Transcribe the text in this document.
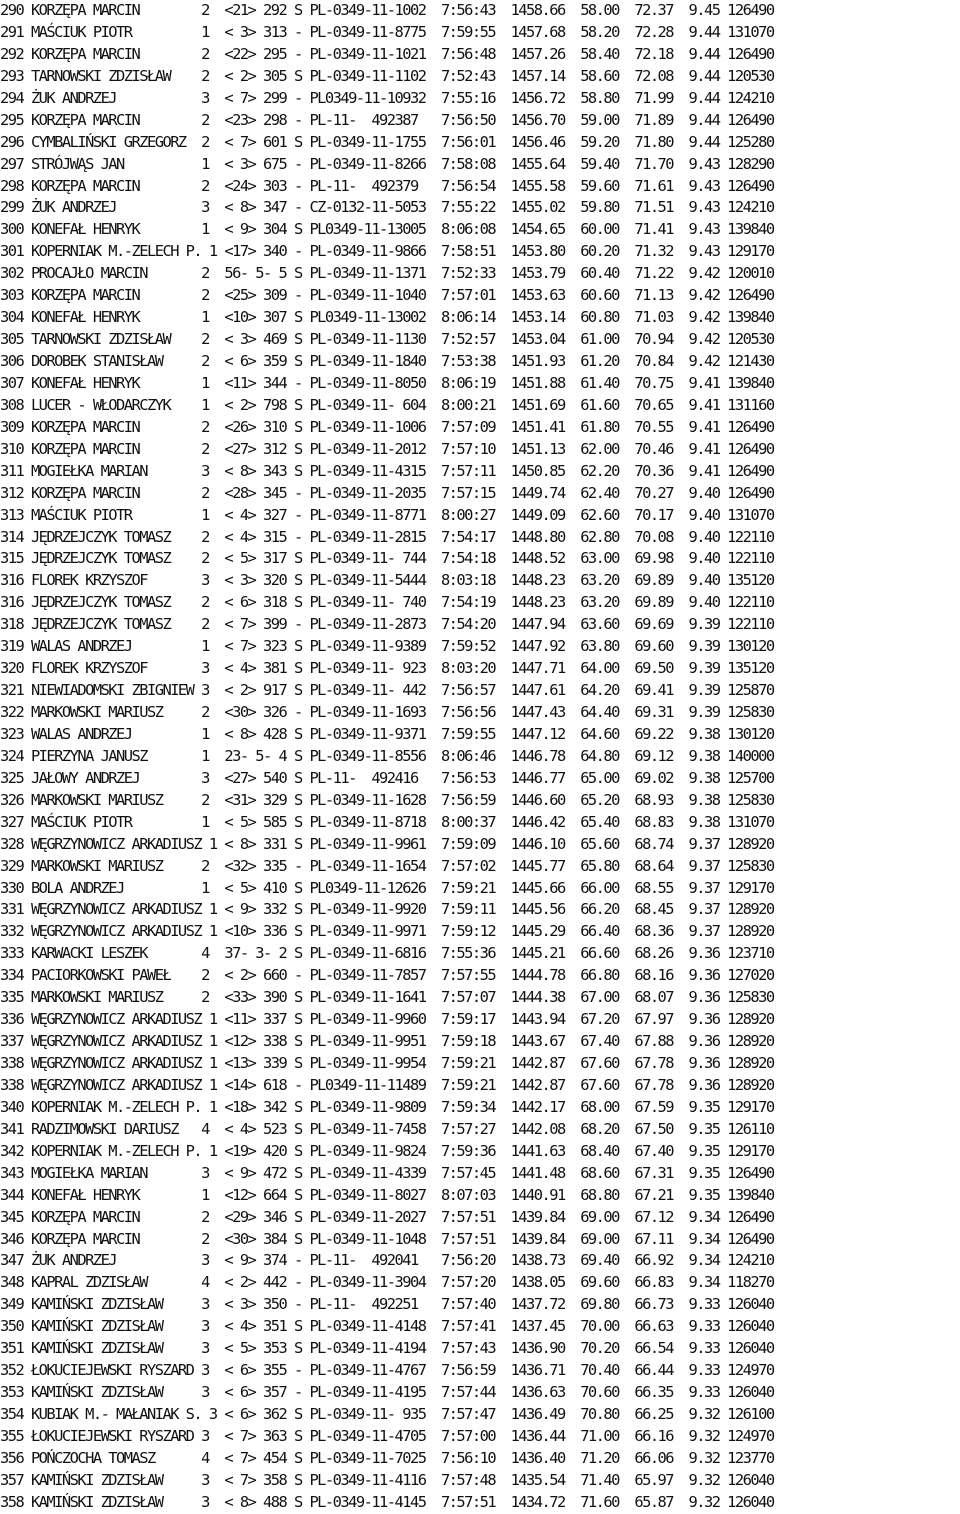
290 KORZĘPA MARCIN        2  <21> 292 S PL-0349-11-1002  7:56:43  1458.66  58.00  72.37  9.45 126490
291 MAŚCIUK PIOTR         1  < 3> 313 - PL-0349-11-8775  7:59:55  1457.68  58.20  72.28  9.44 131070
292 KORZĘPA MARCIN        2  <22> 295 - PL-0349-11-1021  7:56:48  1457.26  58.40  72.18  9.44 126490
293 TARNOWSKI ZDZISŁAW    2  < 2> 305 S PL-0349-11-1102  7:52:43  1457.14  58.60  72.08  9.44 120530
294 ŻUK ANDRZEJ           3  < 7> 299 - PL0349-11-10932  7:55:16  1456.72  58.80  71.99  9.44 124210
295 KORZĘPA MARCIN        2  <23> 298 - PL-11-  492387   7:56:50  1456.70  59.00  71.89  9.44 126490
296 CYMBALIŃSKI GRZEGORZ  2  < 7> 601 S PL-0349-11-1755  7:56:01  1456.46  59.20  71.80  9.44 125280
297 STRÓJWĄS JAN          1  < 3> 675 - PL-0349-11-8266  7:58:08  1455.64  59.40  71.70  9.43 128290
298 KORZĘPA MARCIN        2  <24> 303 - PL-11-  492379   7:56:54  1455.58  59.60  71.61  9.43 126490
299 ŻUK ANDRZEJ           3  < 8> 347 - CZ-0132-11-5053  7:55:22  1455.02  59.80  71.51  9.43 124210
300 KONEFAŁ HENRYK        1  < 9> 304 S PL0349-11-13005  8:06:08  1454.65  60.00  71.41  9.43 139840
301 KOPERNIAK M.-ZELECH P. 1 <17> 340 - PL-0349-11-9866  7:58:51  1453.80  60.20  71.32  9.43 129170
302 PROCAJŁO MARCIN       2  56- 5- 5 S PL-0349-11-1371  7:52:33  1453.79  60.40  71.22  9.42 120010
303 KORZĘPA MARCIN        2  <25> 309 - PL-0349-11-1040  7:57:01  1453.63  60.60  71.13  9.42 126490
304 KONEFAŁ HENRYK        1  <10> 307 S PL0349-11-13002  8:06:14  1453.14  60.80  71.03  9.42 139840
305 TARNOWSKI ZDZISŁAW    2  < 3> 469 S PL-0349-11-1130  7:52:57  1453.04  61.00  70.94  9.42 120530
306 DOROBEK STANISŁAW     2  < 6> 359 S PL-0349-11-1840  7:53:38  1451.93  61.20  70.84  9.42 121430
307 KONEFAŁ HENRYK        1  <11> 344 - PL-0349-11-8050  8:06:19  1451.88  61.40  70.75  9.41 139840
308 LUCER - WŁODARCZYK    1  < 2> 798 S PL-0349-11- 604  8:00:21  1451.69  61.60  70.65  9.41 131160
309 KORZĘPA MARCIN        2  <26> 310 S PL-0349-11-1006  7:57:09  1451.41  61.80  70.55  9.41 126490
310 KORZĘPA MARCIN        2  <27> 312 S PL-0349-11-2012  7:57:10  1451.13  62.00  70.46  9.41 126490
311 MOGIEŁKA MARIAN       3  < 8> 343 S PL-0349-11-4315  7:57:11  1450.85  62.20  70.36  9.41 126490
312 KORZĘPA MARCIN        2  <28> 345 - PL-0349-11-2035  7:57:15  1449.74  62.40  70.27  9.40 126490
313 MAŚCIUK PIOTR         1  < 4> 327 - PL-0349-11-8771  8:00:27  1449.09  62.60  70.17  9.40 131070
314 JĘDRZEJCZYK TOMASZ    2  < 4> 315 - PL-0349-11-2815  7:54:17  1448.80  62.80  70.08  9.40 122110
315 JĘDRZEJCZYK TOMASZ    2  < 5> 317 S PL-0349-11- 744  7:54:18  1448.52  63.00  69.98  9.40 122110
316 FLOREK KRZYSZOF       3  < 3> 320 S PL-0349-11-5444  8:03:18  1448.23  63.20  69.89  9.40 135120
316 JĘDRZEJCZYK TOMASZ    2  < 6> 318 S PL-0349-11- 740  7:54:19  1448.23  63.20  69.89  9.40 122110
318 JĘDRZEJCZYK TOMASZ    2  < 7> 399 - PL-0349-11-2873  7:54:20  1447.94  63.60  69.69  9.39 122110
319 WALAS ANDRZEJ         1  < 7> 323 S PL-0349-11-9389  7:59:52  1447.92  63.80  69.60  9.39 130120
320 FLOREK KRZYSZOF       3  < 4> 381 S PL-0349-11- 923  8:03:20  1447.71  64.00  69.50  9.39 135120
321 NIEWIADOMSKI ZBIGNIEW 3  < 2> 917 S PL-0349-11- 442  7:56:57  1447.61  64.20  69.41  9.39 125870
322 MARKOWSKI MARIUSZ     2  <30> 326 - PL-0349-11-1693  7:56:56  1447.43  64.40  69.31  9.39 125830
323 WALAS ANDRZEJ         1  < 8> 428 S PL-0349-11-9371  7:59:55  1447.12  64.60  69.22  9.38 130120
324 PIERZYNA JANUSZ       1  23- 5- 4 S PL-0349-11-8556  8:06:46  1446.78  64.80  69.12  9.38 140000
325 JAŁOWY ANDRZEJ        3  <27> 540 S PL-11-  492416   7:56:53  1446.77  65.00  69.02  9.38 125700
326 MARKOWSKI MARIUSZ     2  <31> 329 S PL-0349-11-1628  7:56:59  1446.60  65.20  68.93  9.38 125830
327 MAŚCIUK PIOTR         1  < 5> 585 S PL-0349-11-8718  8:00:37  1446.42  65.40  68.83  9.38 131070
328 WĘGRZYNOWICZ ARKADIUSZ 1 < 8> 331 S PL-0349-11-9961  7:59:09  1446.10  65.60  68.74  9.37 128920
329 MARKOWSKI MARIUSZ     2  <32> 335 - PL-0349-11-1654  7:57:02  1445.77  65.80  68.64  9.37 125830
330 BOLA ANDRZEJ          1  < 5> 410 S PL0349-11-12626  7:59:21  1445.66  66.00  68.55  9.37 129170
331 WĘGRZYNOWICZ ARKADIUSZ 1 < 9> 332 S PL-0349-11-9920  7:59:11  1445.56  66.20  68.45  9.37 128920
332 WĘGRZYNOWICZ ARKADIUSZ 1 <10> 336 S PL-0349-11-9971  7:59:12  1445.29  66.40  68.36  9.37 128920
333 KARWACKI LESZEK       4  37- 3- 2 S PL-0349-11-6816  7:55:36  1445.21  66.60  68.26  9.36 123710
334 PACIORKOWSKI PAWEŁ    2  < 2> 660 - PL-0349-11-7857  7:57:55  1444.78  66.80  68.16  9.36 127020
335 MARKOWSKI MARIUSZ     2  <33> 390 S PL-0349-11-1641  7:57:07  1444.38  67.00  68.07  9.36 125830
336 WĘGRZYNOWICZ ARKADIUSZ 1 <11> 337 S PL-0349-11-9960  7:59:17  1443.94  67.20  67.97  9.36 128920
337 WĘGRZYNOWICZ ARKADIUSZ 1 <12> 338 S PL-0349-11-9951  7:59:18  1443.67  67.40  67.88  9.36 128920
338 WĘGRZYNOWICZ ARKADIUSZ 1 <13> 339 S PL-0349-11-9954  7:59:21  1442.87  67.60  67.78  9.36 128920
338 WĘGRZYNOWICZ ARKADIUSZ 1 <14> 618 - PL0349-11-11489  7:59:21  1442.87  67.60  67.78  9.36 128920
340 KOPERNIAK M.-ZELECH P. 1 <18> 342 S PL-0349-11-9809  7:59:34  1442.17  68.00  67.59  9.35 129170
341 RADZIMOWSKI DARIUSZ   4  < 4> 523 S PL-0349-11-7458  7:57:27  1442.08  68.20  67.50  9.35 126110
342 KOPERNIAK M.-ZELECH P. 1 <19> 420 S PL-0349-11-9824  7:59:36  1441.63  68.40  67.40  9.35 129170
343 MOGIEŁKA MARIAN       3  < 9> 472 S PL-0349-11-4339  7:57:45  1441.48  68.60  67.31  9.35 126490
344 KONEFAŁ HENRYK        1  <12> 664 S PL-0349-11-8027  8:07:03  1440.91  68.80  67.21  9.35 139840
345 KORZĘPA MARCIN        2  <29> 346 S PL-0349-11-2027  7:57:51  1439.84  69.00  67.12  9.34 126490
346 KORZĘPA MARCIN        2  <30> 384 S PL-0349-11-1048  7:57:51  1439.84  69.00  67.11  9.34 126490
347 ŻUK ANDRZEJ           3  < 9> 374 - PL-11-  492041   7:56:20  1438.73  69.40  66.92  9.34 124210
348 KAPRAL ZDZISŁAW       4  < 2> 442 - PL-0349-11-3904  7:57:20  1438.05  69.60  66.83  9.34 118270
349 KAMIŃSKI ZDZISŁAW     3  < 3> 350 - PL-11-  492251   7:57:40  1437.72  69.80  66.73  9.33 126040
350 KAMIŃSKI ZDZISŁAW     3  < 4> 351 S PL-0349-11-4148  7:57:41  1437.45  70.00  66.63  9.33 126040
351 KAMIŃSKI ZDZISŁAW     3  < 5> 353 S PL-0349-11-4194  7:57:43  1436.90  70.20  66.54  9.33 126040
352 ŁOKUCIEJEWSKI RYSZARD 3  < 6> 355 - PL-0349-11-4767  7:56:59  1436.71  70.40  66.44  9.33 124970
353 KAMIŃSKI ZDZISŁAW     3  < 6> 357 - PL-0349-11-4195  7:57:44  1436.63  70.60  66.35  9.33 126040
354 KUBIAK M.- MAŁANIAK S. 3 < 6> 362 S PL-0349-11- 935  7:57:47  1436.49  70.80  66.25  9.32 126100
355 ŁOKUCIEJEWSKI RYSZARD 3  < 7> 363 S PL-0349-11-4705  7:57:00  1436.44  71.00  66.16  9.32 124970
356 POŃCZOCHA TOMASZ      4  < 7> 454 S PL-0349-11-7025  7:56:10  1436.40  71.20  66.06  9.32 123770
357 KAMIŃSKI ZDZISŁAW     3  < 7> 358 S PL-0349-11-4116  7:57:48  1435.54  71.40  65.97  9.32 126040
358 KAMIŃSKI ZDZISŁAW     3  < 8> 488 S PL-0349-11-4145  7:57:51  1434.72  71.60  65.87  9.32 126040
